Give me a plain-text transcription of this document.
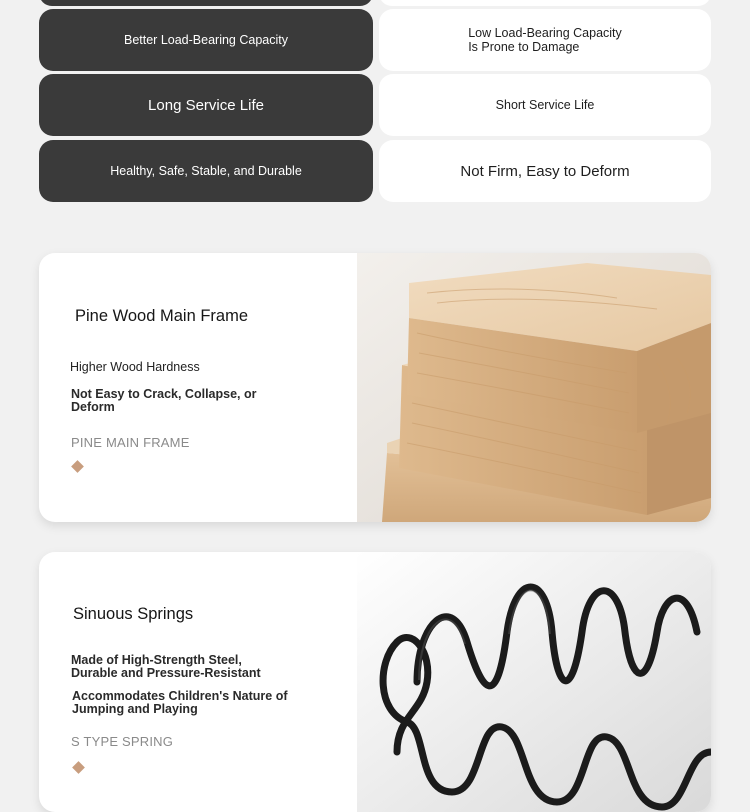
Better Load-Bearing Capacity	Low Load-Bearing Capacity
Is Prone to Damage
Long Service Life	Short Service Life
Healthy, Safe, Stable, and Durable	Not Firm, Easy to Deform
Pine Wood Main Frame
Higher Wood Hardness
Not Easy to Crack, Collapse, or
Deform
PINE MAIN FRAME
Sinuous Springs
Made of High-Strength Steel,
Durable and Pressure-Resistant
Accommodates Children's Nature of
Jumping and Playing
S TYPE SPRING
